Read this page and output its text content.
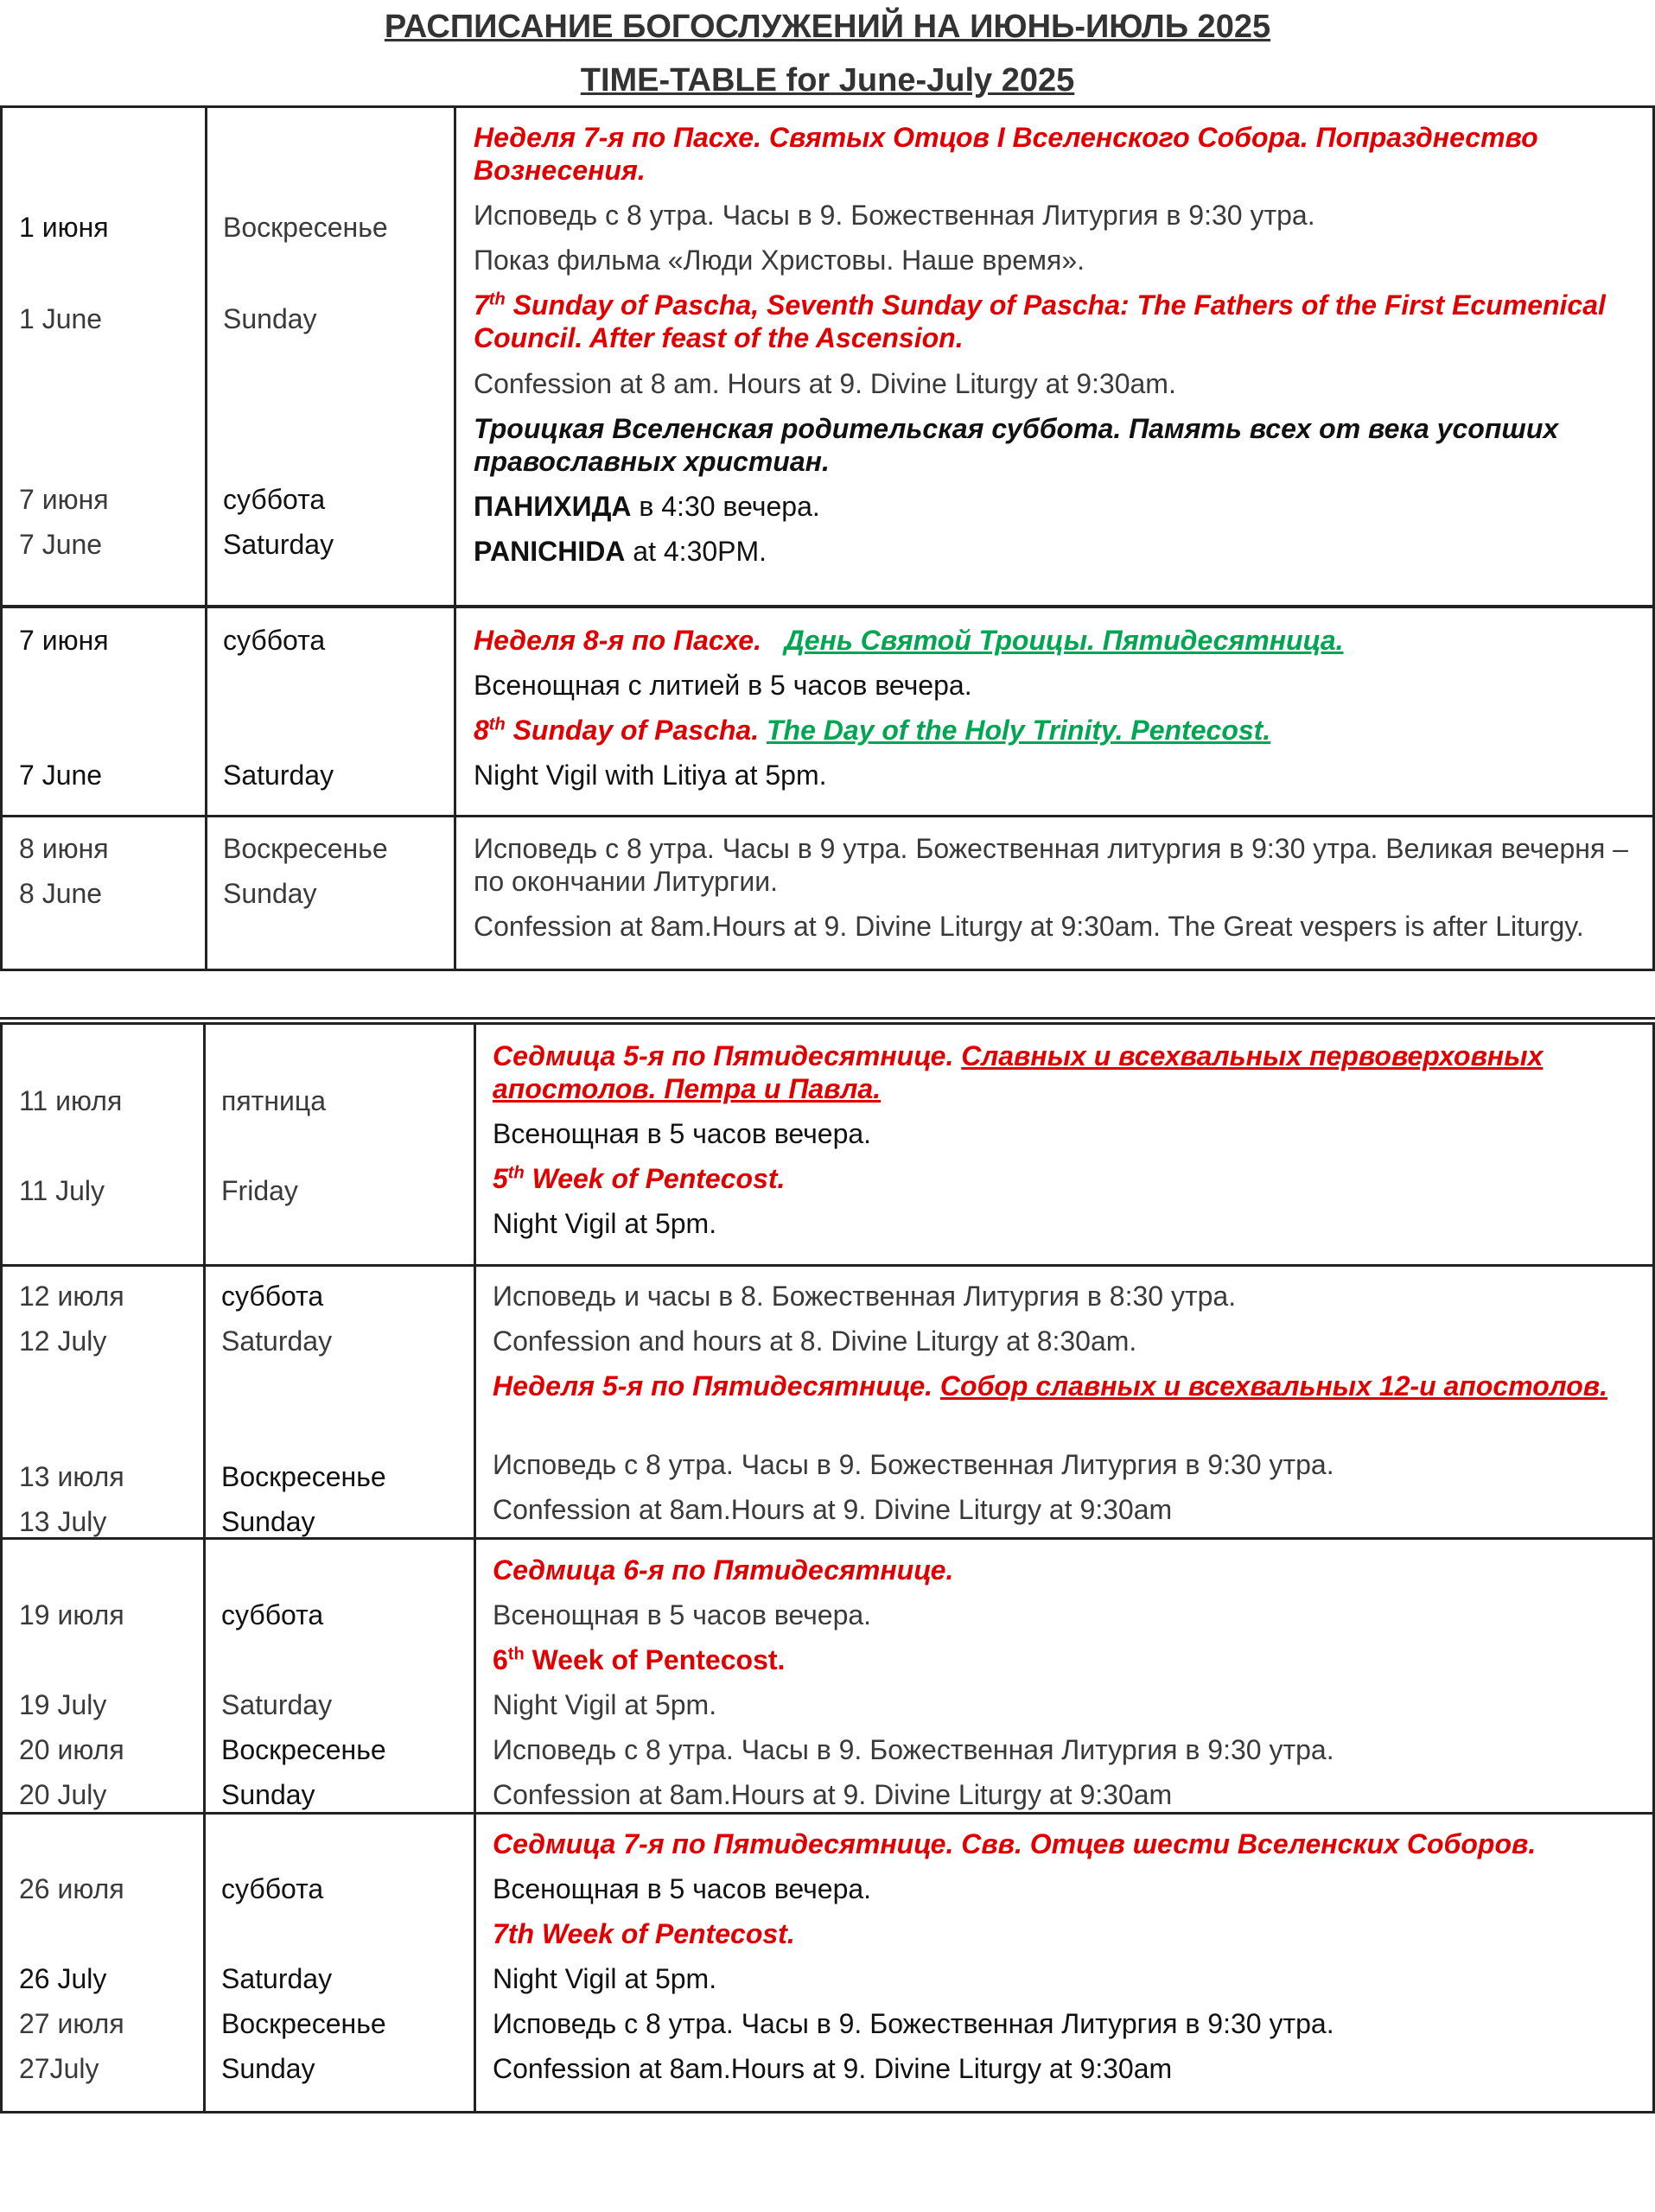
РАСПИСАНИЕ БОГОСЛУЖЕНИЙ НА ИЮНЬ-ИЮЛЬ 2025
TIME-TABLE for June-July 2025
1 июня	Воскресенье
1 June	Sunday
7 июня	суббота
7 June	Saturday
Неделя 7-я по Пасхе. Святых Отцов I Вселенского Собора. Попразднество Вознесения.
Исповедь с 8 утра. Часы в 9. Божественная Литургия в 9:30 утра.
Показ фильма «Люди Христовы. Наше время».
7th Sunday of Pascha, Seventh Sunday of Pascha: The Fathers of the First Ecumenical Council. After feast of the Ascension.
Confession at 8 am. Hours at 9. Divine Liturgy at 9:30am.
Троицкая Вселенская родительская суббота. Память всех от века усопших православных христиан.
ПАНИХИДА в 4:30 вечера.
PANICHIDA at 4:30PM.
7 июня	суббота
7 June	Saturday
Неделя 8-я по Пасхе. День Святой Троицы. Пятидесятница.
Всенощная с литией в 5 часов вечера.
8th Sunday of Pascha. The Day of the Holy Trinity. Pentecost.
Night Vigil with Litiya at 5pm.
8 июня	Воскресенье
8 June	Sunday
Исповедь с 8 утра. Часы в 9 утра. Божественная литургия в 9:30 утра. Великая вечерня – по окончании Литургии.
Confession at 8am.Hours at 9. Divine Liturgy at 9:30am. The Great vespers is after Liturgy.
11 июля	пятница
11 July	Friday
Седмица 5-я по Пятидесятнице. Славных и всехвальных первоверховных апостолов. Петра и Павла.
Всенощная в 5 часов вечера.
5th Week of Pentecost.
Night Vigil at 5pm.
12 июля	суббота
12 July	Saturday
13 июля	Воскресенье
13 July	Sunday
Исповедь и часы в 8. Божественная Литургия в 8:30 утра.
Confession and hours at 8. Divine Liturgy at 8:30am.
Неделя 5-я по Пятидесятнице. Собор славных и всехвальных 12-и апостолов.
Исповедь с 8 утра. Часы в 9. Божественная Литургия в 9:30 утра.
Confession at 8am.Hours at 9. Divine Liturgy at 9:30am
19 июля	суббота
19 July	Saturday
20 июля	Воскресенье
20 July	Sunday
Седмица 6-я по Пятидесятнице.
Всенощная в 5 часов вечера.
6th Week of Pentecost.
Night Vigil at 5pm.
Исповедь с 8 утра. Часы в 9. Божественная Литургия в 9:30 утра.
Confession at 8am.Hours at 9. Divine Liturgy at 9:30am
26 июля	суббота
26 July	Saturday
27 июля	Воскресенье
27July	Sunday
Седмица 7-я по Пятидесятнице. Свв. Отцев шести Вселенских Соборов.
Всенощная в 5 часов вечера.
7th Week of Pentecost.
Night Vigil at 5pm.
Исповедь с 8 утра. Часы в 9. Божественная Литургия в 9:30 утра.
Confession at 8am.Hours at 9. Divine Liturgy at 9:30am
